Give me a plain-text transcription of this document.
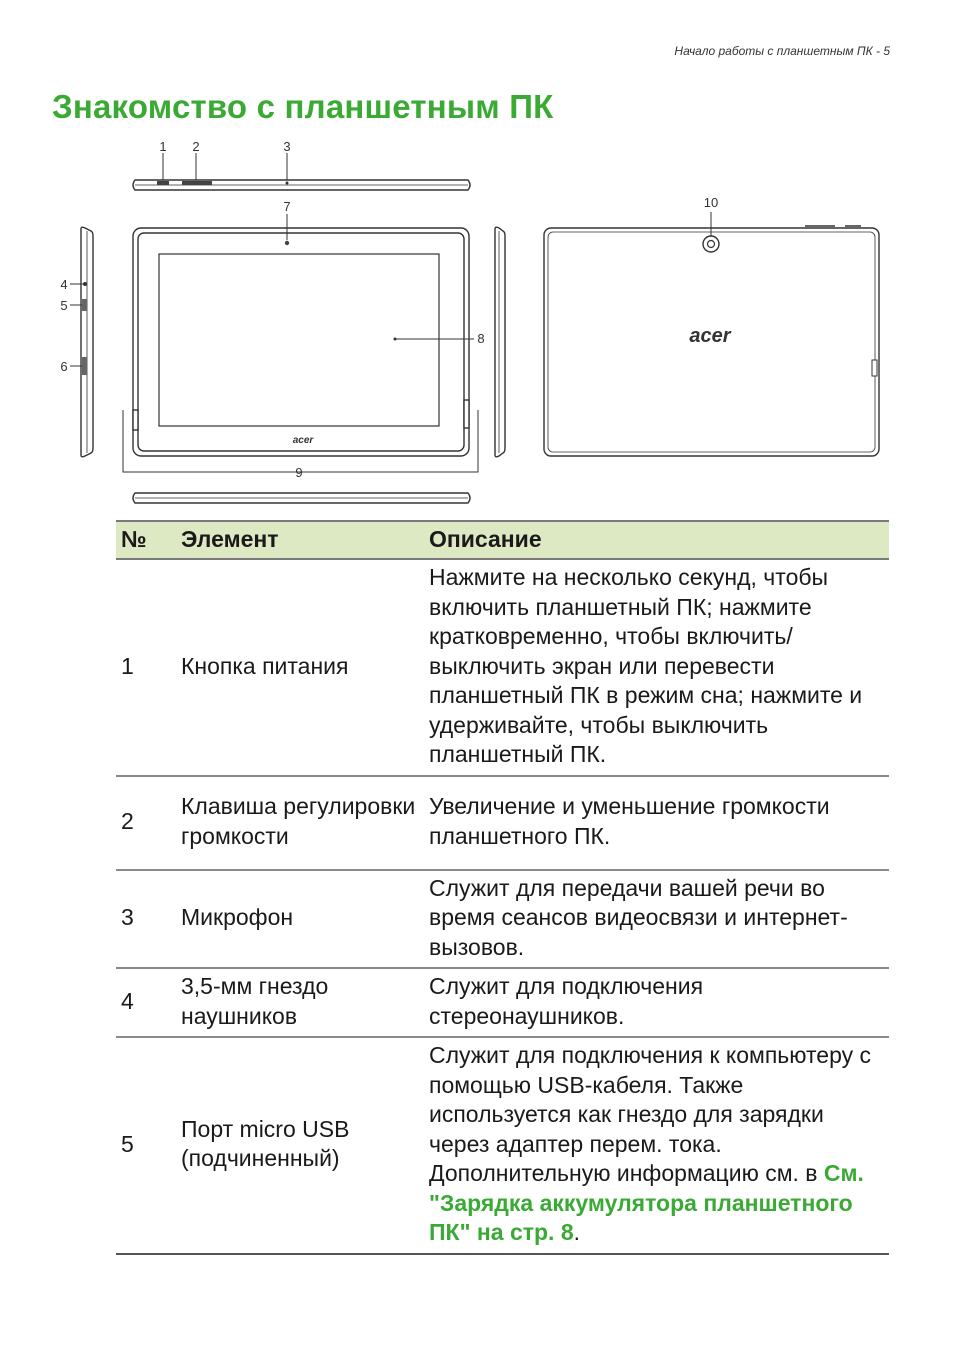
Начало работы с планшетным ПК - 5
Знакомство с планшетным ПК
acer
acer
1 2	3
4
5
6
7
8
9
10
№	Элемент	Описание
1	Кнопка питания	Нажмите на несколько секунд, чтобы включить планшетный ПК; нажмите кратковременно, чтобы включить/ выключить экран или перевести планшетный ПК в режим сна; нажмите и удерживайте, чтобы выключить планшетный ПК.
2	Клавиша регулировки громкости	Увеличение и уменьшение громкости планшетного ПК.
3	Микрофон	Служит для передачи вашей речи во время сеансов видеосвязи и интернет-вызовов.
4	3,5-мм гнездо наушников	Служит для подключения стереонаушников.
5	Порт micro USB (подчиненный)	Служит для подключения к компьютеру с помощью USB-кабеля. Также используется как гнездо для зарядки через адаптер перем. тока. Дополнительную информацию см. в См. "Зарядка аккумулятора планшетного ПК" на стр. 8.
